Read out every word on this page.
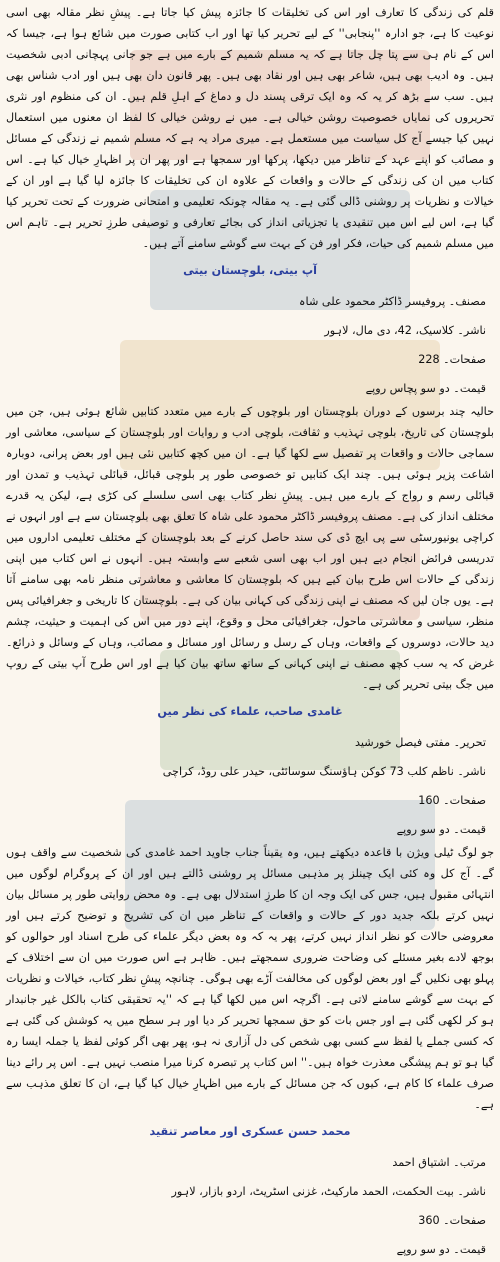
قلم کی زندگی کا تعارف اور اس کی تخلیقات کا جائزہ پیش کیا جاتا ہے۔ پیشِ نظر مقالہ بھی اسی نوعیت کا ہے، جو ادارہ ''پنجابی'' کے لیے تحریر کیا تھا اور اب کتابی صورت میں شائع ہوا ہے، جیسا کہ اس کے نام ہی سے پتا چل جاتا ہے کہ یہ مسلم شمیم کے بارے میں ہے جو جانی پہچانی ادبی شخصیت ہیں۔ وہ ادیب بھی ہیں، شاعر بھی ہیں اور نقاد بھی ہیں۔ پھر قانون دان بھی ہیں اور ادب شناس بھی ہیں۔ سب سے بڑھ کر یہ کہ وہ ایک ترقی پسند دل و دماغ کے اہلِ قلم ہیں۔ ان کی منظوم اور نثری تحریروں کی نمایاں خصوصیت روشن خیالی ہے۔ میں نے روشن خیالی کا لفظ ان معنوں میں استعمال نہیں کیا جیسے آج کل سیاست میں مستعمل ہے۔ میری مراد یہ ہے کہ مسلم شمیم نے زندگی کے مسائل و مصائب کو اپنے عہد کے تناظر میں دیکھا، پرکھا اور سمجھا ہے اور پھر ان پر اظہارِ خیال کیا ہے۔ اس کتاب میں ان کی زندگی کے حالات و واقعات کے علاوہ ان کی تخلیقات کا جائزہ لیا گیا ہے اور ان کے خیالات و نظریات پر روشنی ڈالی گئی ہے۔ یہ مقالہ چونکہ تعلیمی و امتحانی ضرورت کے تحت تحریر کیا گیا ہے، اس لیے اس میں تنقیدی یا تجزیاتی انداز کی بجائے تعارفی و توصیفی طرزِ تحریر ہے۔ تاہم اس میں مسلم شمیم کی حیات، فکر اور فن کے بہت سے گوشے سامنے آتے ہیں۔

آپ بیتی، بلوچستان بیتی
مصنف۔ پروفیسر ڈاکٹر محمود علی شاہ
ناشر۔ کلاسیک، 42، دی مال، لاہور
صفحات۔ 228
قیمت۔ دو سو پچاس روپے

حالیہ چند برسوں کے دوران بلوچستان اور بلوچوں کے بارے میں متعدد کتابیں شائع ہوئی ہیں، جن میں بلوچستان کی تاریخ، بلوچی تہذیب و ثقافت، بلوچی ادب و روایات اور بلوچستان کے سیاسی، معاشی اور سماجی حالات و واقعات پر تفصیل سے لکھا گیا ہے۔ ان میں کچھ کتابیں نئی ہیں اور بعض پرانی، دوبارہ اشاعت پزیر ہوئی ہیں۔ چند ایک کتابیں تو خصوصی طور پر بلوچی قبائل، قبائلی تہذیب و تمدن اور قبائلی رسم و رواج کے بارے میں ہیں۔ پیشِ نظر کتاب بھی اسی سلسلے کی کڑی ہے، لیکن یہ قدرے مختلف انداز کی ہے۔ مصنف پروفیسر ڈاکٹر محمود علی شاہ کا تعلق بھی بلوچستان سے ہے اور انہوں نے کراچی یونیورسٹی سے پی ایچ ڈی کی سند حاصل کرنے کے بعد بلوچستان کے مختلف تعلیمی اداروں میں تدریسی فرائض انجام دیے ہیں اور اب بھی اسی شعبے سے وابستہ ہیں۔ انہوں نے اس کتاب میں اپنی زندگی کے حالات اس طرح بیان کیے ہیں کہ بلوچستان کا معاشی و معاشرتی منظر نامہ بھی سامنے آتا ہے۔ یوں جان لیں کہ مصنف نے اپنی زندگی کی کہانی بیان کی ہے۔ بلوچستان کا تاریخی و جغرافیائی پس منظر، سیاسی و معاشرتی ماحول، جغرافیائی محل و وقوع، اپنے دور میں اس کی اہمیت و حیثیت، چشم دید حالات، دوسروں کے واقعات، وہاں کے رسل و رسائل اور مسائل و مصائب، وہاں کے وسائل و ذرائع۔ غرض کہ یہ سب کچھ مصنف نے اپنی کہانی کے ساتھ ساتھ بیان کیا ہے اور اس طرح آپ بیتی کے روپ میں جگ بیتی تحریر کی ہے۔

غامدی صاحب، علماء کی نظر میں
تحریر۔ مفتی فیصل خورشید
ناشر۔ ناظم کلب 73 کوکن ہاؤسنگ سوسائٹی، حیدر علی روڈ، کراچی
صفحات۔ 160
قیمت۔ دو سو روپے

جو لوگ ٹیلی ویژن با قاعدہ دیکھتے ہیں، وہ یقیناً جناب جاوید احمد غامدی کی شخصیت سے واقف ہوں گے۔ آج کل وہ کئی ایک چینلز پر مذہبی مسائل پر روشنی ڈالتے ہیں اور ان کے پروگرام لوگوں میں انتہائی مقبول ہیں، جس کی ایک وجہ ان کا طرزِ استدلال بھی ہے۔ وہ محض روایتی طور پر مسائل بیان نہیں کرتے بلکہ جدید دور کے حالات و واقعات کے تناظر میں ان کی تشریح و توضیح کرتے ہیں اور معروضی حالات کو نظر انداز نہیں کرتے، پھر یہ کہ وہ بعض دیگر علماء کی طرح اسناد اور حوالوں کو بوجھ لادے بغیر مسئلے کی وضاحت ضروری سمجھتے ہیں۔ ظاہر ہے اس صورت میں ان سے اختلاف کے پہلو بھی نکلیں گے اور بعض لوگوں کی مخالفت آڑے بھی ہوگی۔ چنانچہ پیشِ نظر کتاب، خیالات و نظریات کے بہت سے گوشے سامنے لاتی ہے۔ اگرچہ اس میں لکھا گیا ہے کہ ''یہ تحقیقی کتاب بالکل غیر جانبدار ہو کر لکھی گئی ہے اور جس بات کو حق سمجھا تحریر کر دیا اور ہر سطح میں یہ کوشش کی گئی ہے کہ کسی جملے یا لفظ سے کسی بھی شخص کی دل آزاری نہ ہو، پھر بھی اگر کوئی لفظ یا جملہ ایسا رہ گیا ہو تو ہم پیشگی معذرت خواہ ہیں۔'' اس کتاب پر تبصرہ کرنا میرا منصب نہیں ہے۔ اس پر رائے دینا صرف علماء کا کام ہے، کیوں کہ جن مسائل کے بارے میں اظہارِ خیال کیا گیا ہے، ان کا تعلق مذہب سے ہے۔

محمد حسن عسکری اور معاصر تنقید
مرتب۔ اشتیاق احمد
ناشر۔ بیت الحکمت، الحمد مارکیٹ، غزنی اسٹریٹ، اردو بازار، لاہور
صفحات۔ 360
قیمت۔ دو سو روپے
